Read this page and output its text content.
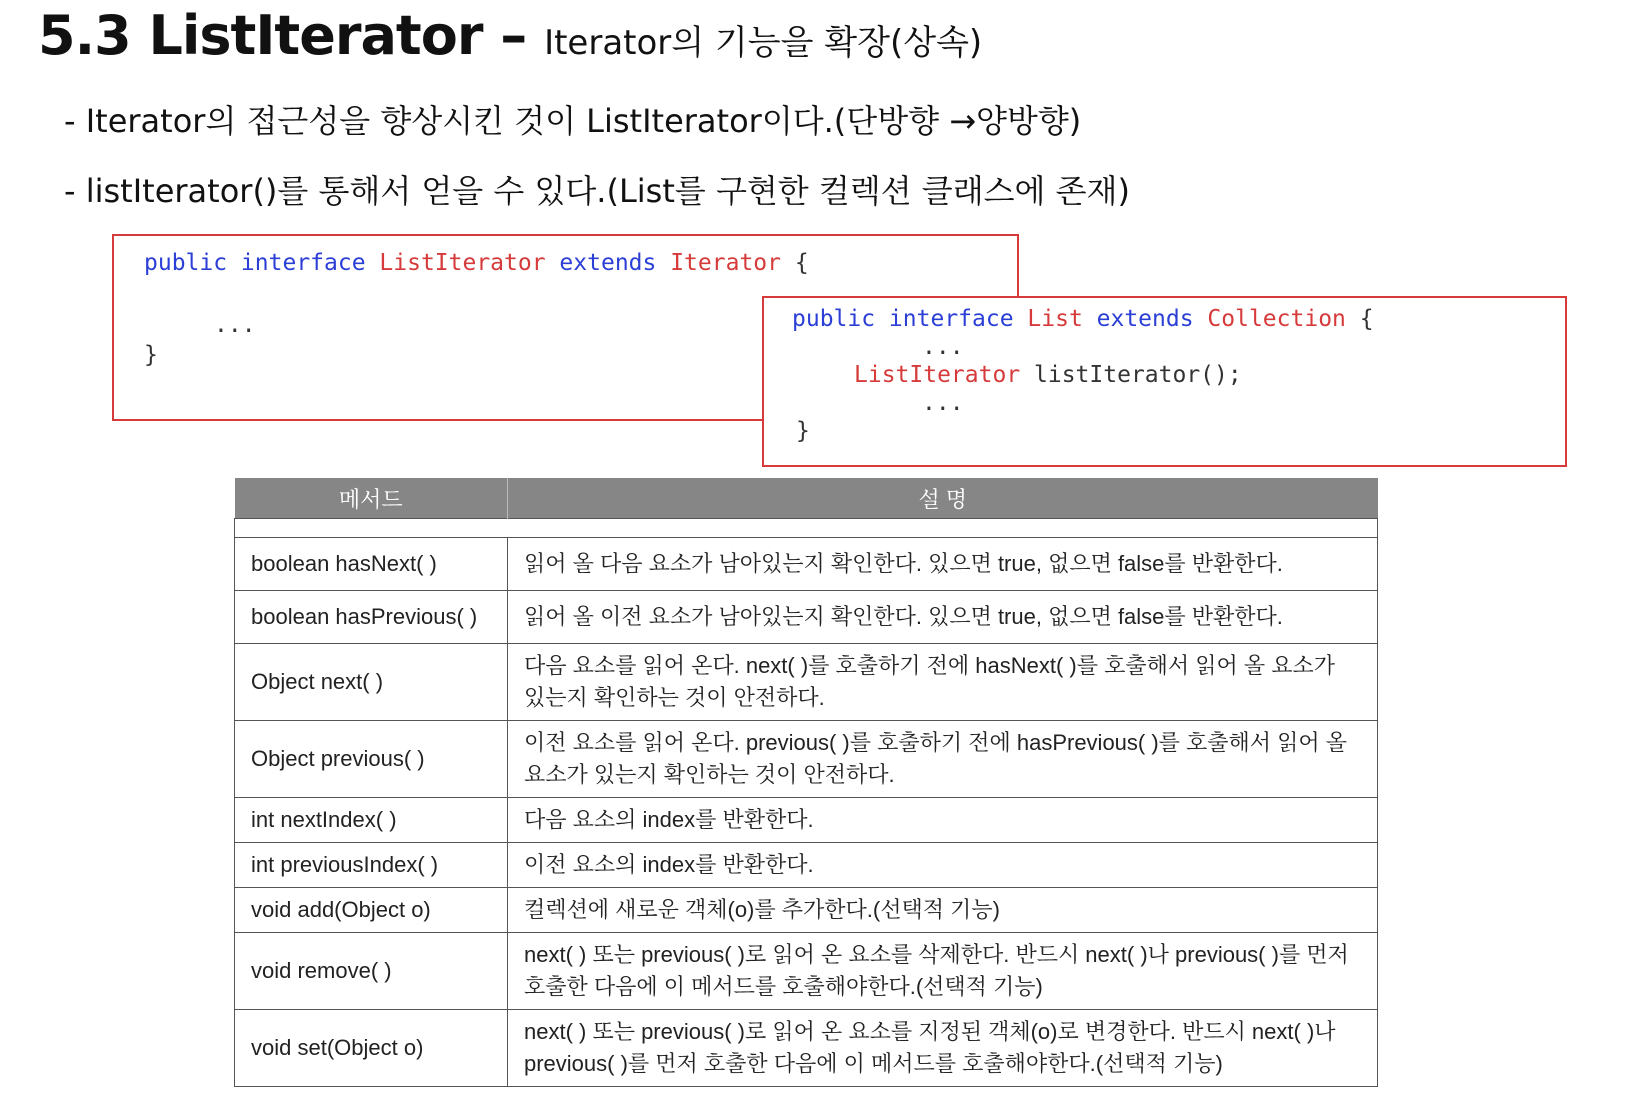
5.3 ListIterator – Iterator의 기능을 확장(상속)
- Iterator의 접근성을 향상시킨 것이 ListIterator이다.(단방향 →양방향)
- listIterator()를 통해서 얻을 수 있다.(List를 구현한 컬렉션 클래스에 존재)
public interface ListIterator extends Iterator {
...
}
public interface List extends Collection {
...
ListIterator listIterator();
...
}
메서드	설 명

boolean hasNext( )	읽어 올 다음 요소가 남아있는지 확인한다. 있으면 true, 없으면 false를 반환한다.
boolean hasPrevious( )	읽어 올 이전 요소가 남아있는지 확인한다. 있으면 true, 없으면 false를 반환한다.
Object next( )	다음 요소를 읽어 온다. next( )를 호출하기 전에 hasNext( )를 호출해서 읽어 올 요소가 있는지 확인하는 것이 안전하다.
Object previous( )	이전 요소를 읽어 온다. previous( )를 호출하기 전에 hasPrevious( )를 호출해서 읽어 올 요소가 있는지 확인하는 것이 안전하다.
int nextIndex( )	다음 요소의 index를 반환한다.
int previousIndex( )	이전 요소의 index를 반환한다.
void add(Object o)	컬렉션에 새로운 객체(o)를 추가한다.(선택적 기능)
void remove( )	next( ) 또는 previous( )로 읽어 온 요소를 삭제한다. 반드시 next( )나 previous( )를 먼저 호출한 다음에 이 메서드를 호출해야한다.(선택적 기능)
void set(Object o)	next( ) 또는 previous( )로 읽어 온 요소를 지정된 객체(o)로 변경한다. 반드시 next( )나 previous( )를 먼저 호출한 다음에 이 메서드를 호출해야한다.(선택적 기능)
